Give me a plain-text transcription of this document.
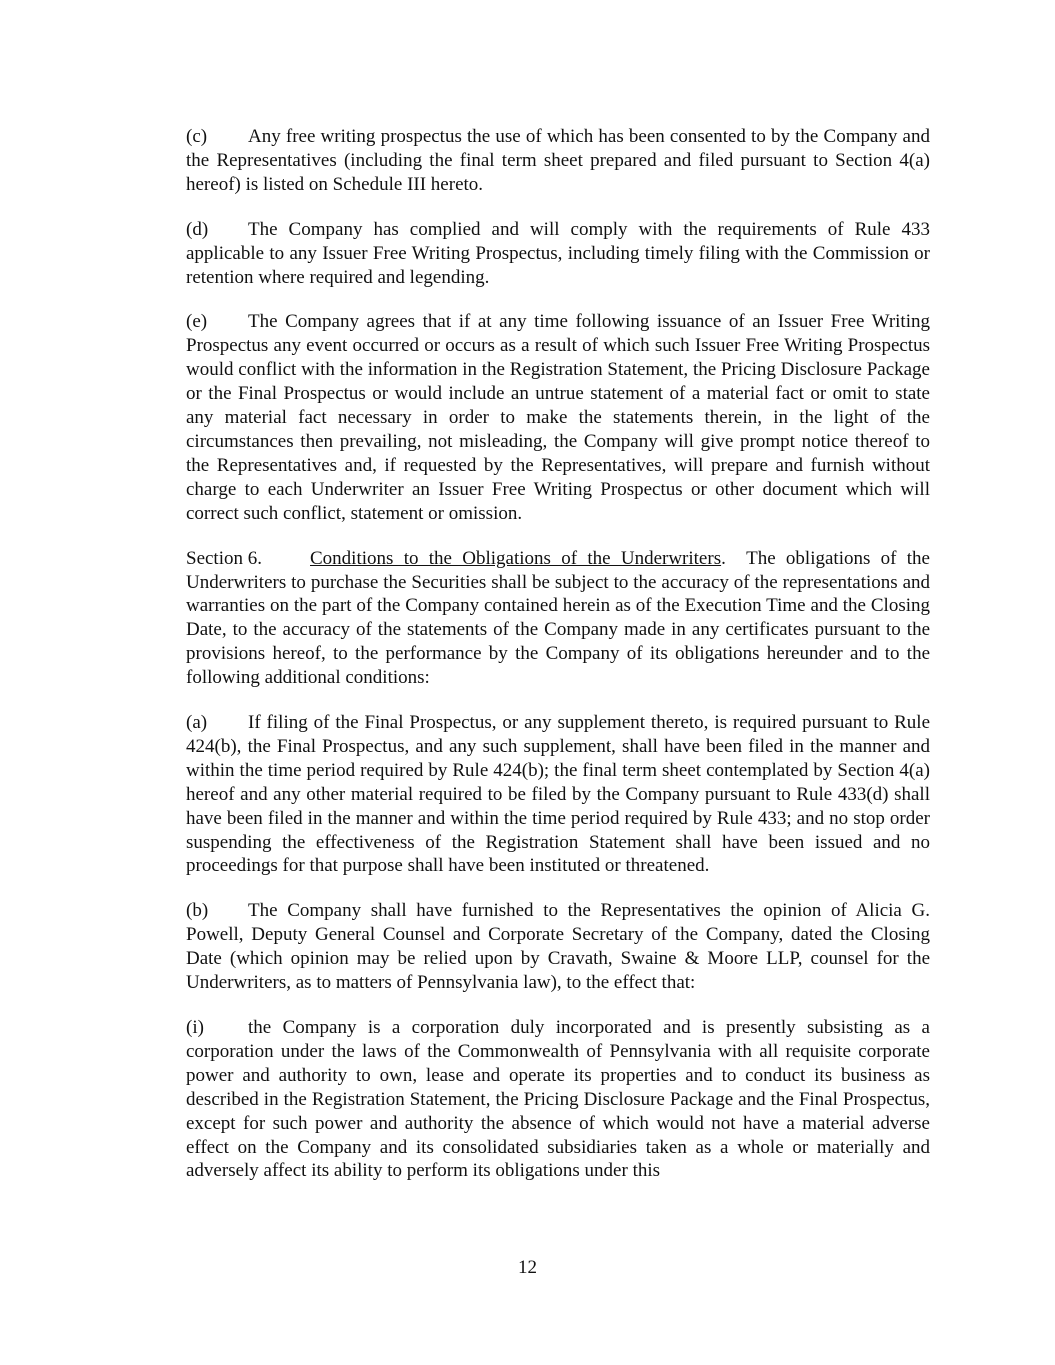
(c) Any free writing prospectus the use of which has been consented to by the Company and the Representatives (including the final term sheet prepared and filed pursuant to Section 4(a) hereof) is listed on Schedule III hereto.

(d) The Company has complied and will comply with the requirements of Rule 433 applicable to any Issuer Free Writing Prospectus, including timely filing with the Commission or retention where required and legending.

(e) The Company agrees that if at any time following issuance of an Issuer Free Writing Prospectus any event occurred or occurs as a result of which such Issuer Free Writing Prospectus would conflict with the information in the Registration Statement, the Pricing Disclosure Package or the Final Prospectus or would include an untrue statement of a material fact or omit to state any material fact necessary in order to make the statements therein, in the light of the circumstances then prevailing, not misleading, the Company will give prompt notice thereof to the Representatives and, if requested by the Representatives, will prepare and furnish without charge to each Underwriter an Issuer Free Writing Prospectus or other document which will correct such conflict, statement or omission.

Section 6.	Conditions to the Obligations of the Underwriters. The obligations of the Underwriters to purchase the Securities shall be subject to the accuracy of the representations and warranties on the part of the Company contained herein as of the Execution Time and the Closing Date, to the accuracy of the statements of the Company made in any certificates pursuant to the provisions hereof, to the performance by the Company of its obligations hereunder and to the following additional conditions:

(a) If filing of the Final Prospectus, or any supplement thereto, is required pursuant to Rule 424(b), the Final Prospectus, and any such supplement, shall have been filed in the manner and within the time period required by Rule 424(b); the final term sheet contemplated by Section 4(a) hereof and any other material required to be filed by the Company pursuant to Rule 433(d) shall have been filed in the manner and within the time period required by Rule 433; and no stop order suspending the effectiveness of the Registration Statement shall have been issued and no proceedings for that purpose shall have been instituted or threatened.

(b) The Company shall have furnished to the Representatives the opinion of Alicia G. Powell, Deputy General Counsel and Corporate Secretary of the Company, dated the Closing Date (which opinion may be relied upon by Cravath, Swaine & Moore LLP, counsel for the Underwriters, as to matters of Pennsylvania law), to the effect that:

(i) the Company is a corporation duly incorporated and is presently subsisting as a corporation under the laws of the Commonwealth of Pennsylvania with all requisite corporate power and authority to own, lease and operate its properties and to conduct its business as described in the Registration Statement, the Pricing Disclosure Package and the Final Prospectus, except for such power and authority the absence of which would not have a material adverse effect on the Company and its consolidated subsidiaries taken as a whole or materially and adversely affect its ability to perform its obligations under this

12
